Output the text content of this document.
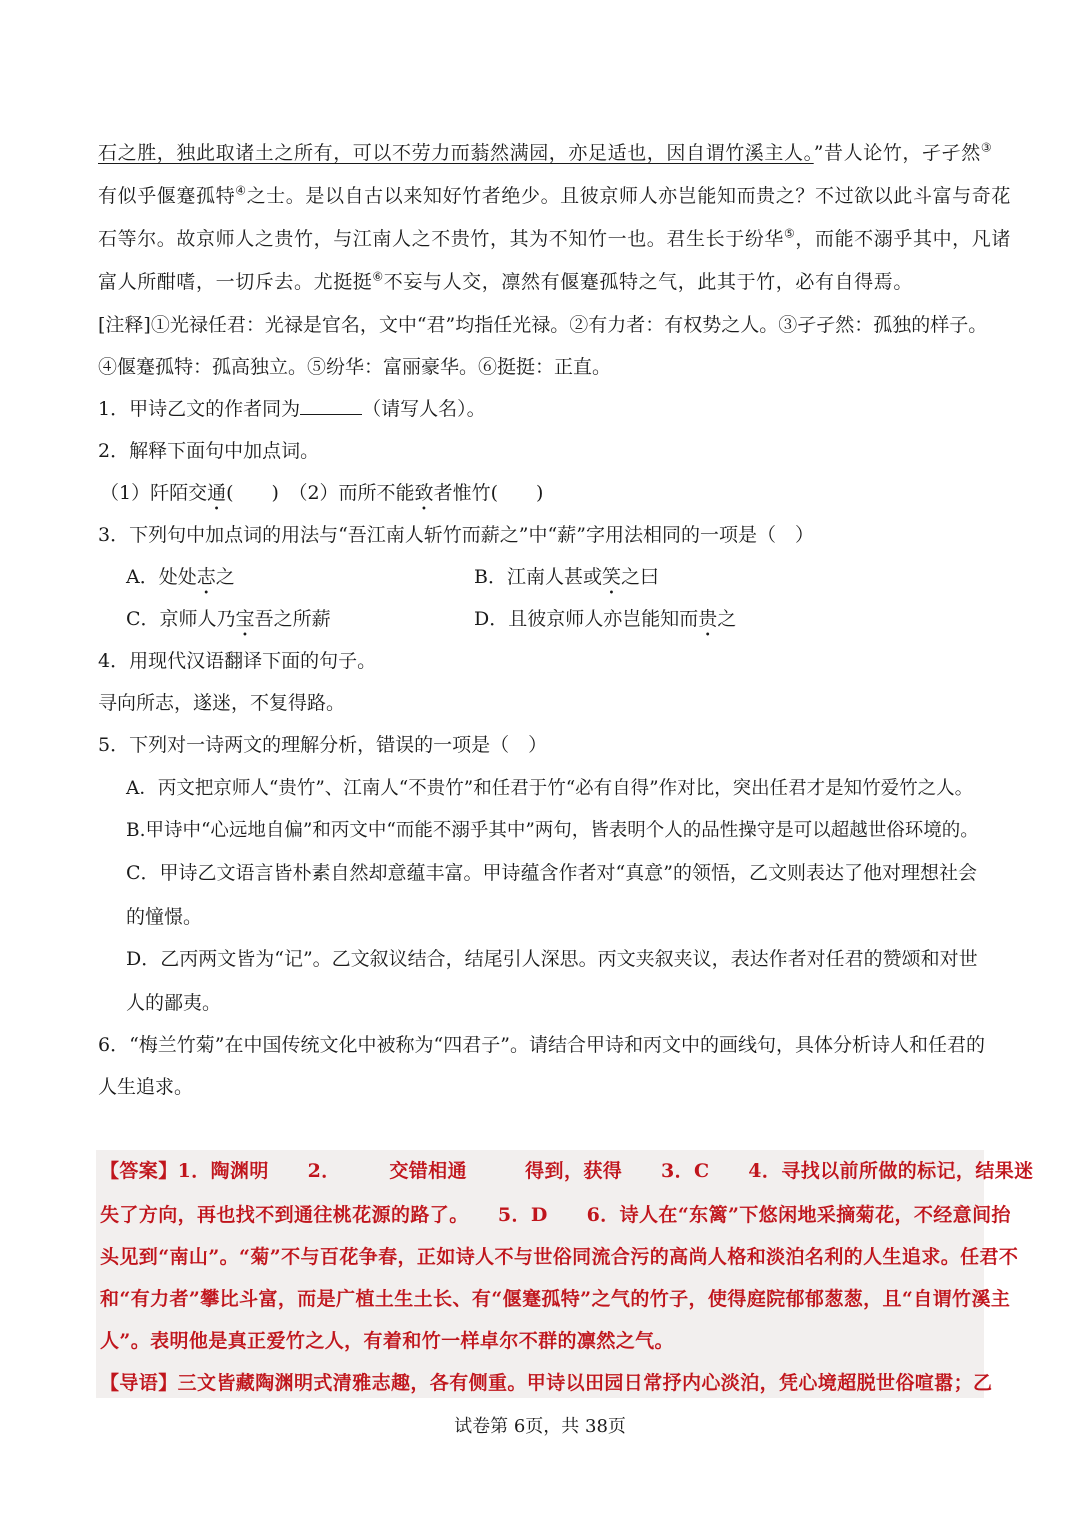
石之胜，独此取诸土之所有，可以不劳力而蓊然满园，亦足适也，因自谓竹溪主人。”昔人论竹，孑孑然③
有似乎偃蹇孤特④之士。是以自古以来知好竹者绝少。且彼京师人亦岂能知而贵之？不过欲以此斗富与奇花
石等尔。故京师人之贵竹，与江南人之不贵竹，其为不知竹一也。君生长于纷华⑤，而能不溺乎其中，凡诸
富人所酣嗜，一切斥去。尤挺挺⑥不妄与人交，凛然有偃蹇孤特之气，此其于竹，必有自得焉。
[注释]①光禄任君：光禄是官名，文中“君”均指任光禄。②有力者：有权势之人。③孑孑然：孤独的样子。
④偃蹇孤特：孤高独立。⑤纷华：富丽豪华。⑥挺挺：正直。
1．甲诗乙文的作者同为	（请写人名）。
2．解释下面句中加点词。
（1）阡陌交通(　　)　 （2）而所不能致者惟竹(　　)
3．下列句中加点词的用法与“吾江南人斩竹而薪之”中“薪”字用法相同的一项是（　）
A．处处志之	B．江南人甚或笑之曰
C．京师人乃宝吾之所薪	D．且彼京师人亦岂能知而贵之
4．用现代汉语翻译下面的句子。
寻向所志，遂迷，不复得路。
5．下列对一诗两文的理解分析，错误的一项是（　）
A．丙文把京师人“贵竹”、江南人“不贵竹”和任君于竹“必有自得”作对比，突出任君才是知竹爱竹之人。
B.甲诗中“心远地自偏”和丙文中“而能不溺乎其中”两句，皆表明个人的品性操守是可以超越世俗环境的。
C．甲诗乙文语言皆朴素自然却意蕴丰富。甲诗蕴含作者对“真意”的领悟，乙文则表达了他对理想社会
的憧憬。
D．乙丙两文皆为“记”。乙文叙议结合，结尾引人深思。丙文夹叙夹议，表达作者对任君的赞颂和对世
人的鄙夷。
6．“梅兰竹菊”在中国传统文化中被称为“四君子”。请结合甲诗和丙文中的画线句，具体分析诗人和任君的
人生追求。
【答案】1．陶渊明　　2．　　　交错相通　　　得到，获得　　3．C　　4．寻找以前所做的标记，结果迷
失了方向，再也找不到通往桃花源的路了。　　5．D　　6．诗人在“东篱”下悠闲地采摘菊花，不经意间抬
头见到“南山”。“菊”不与百花争春，正如诗人不与世俗同流合污的高尚人格和淡泊名利的人生追求。任君不
和“有力者”攀比斗富，而是广植土生土长、有“偃蹇孤特”之气的竹子，使得庭院郁郁葱葱，且“自谓竹溪主
人”。表明他是真正爱竹之人，有着和竹一样卓尔不群的凛然之气。
【导语】三文皆藏陶渊明式清雅志趣，各有侧重。甲诗以田园日常抒内心淡泊，凭心境超脱世俗喧嚣；乙
试卷第 6页，共 38页
